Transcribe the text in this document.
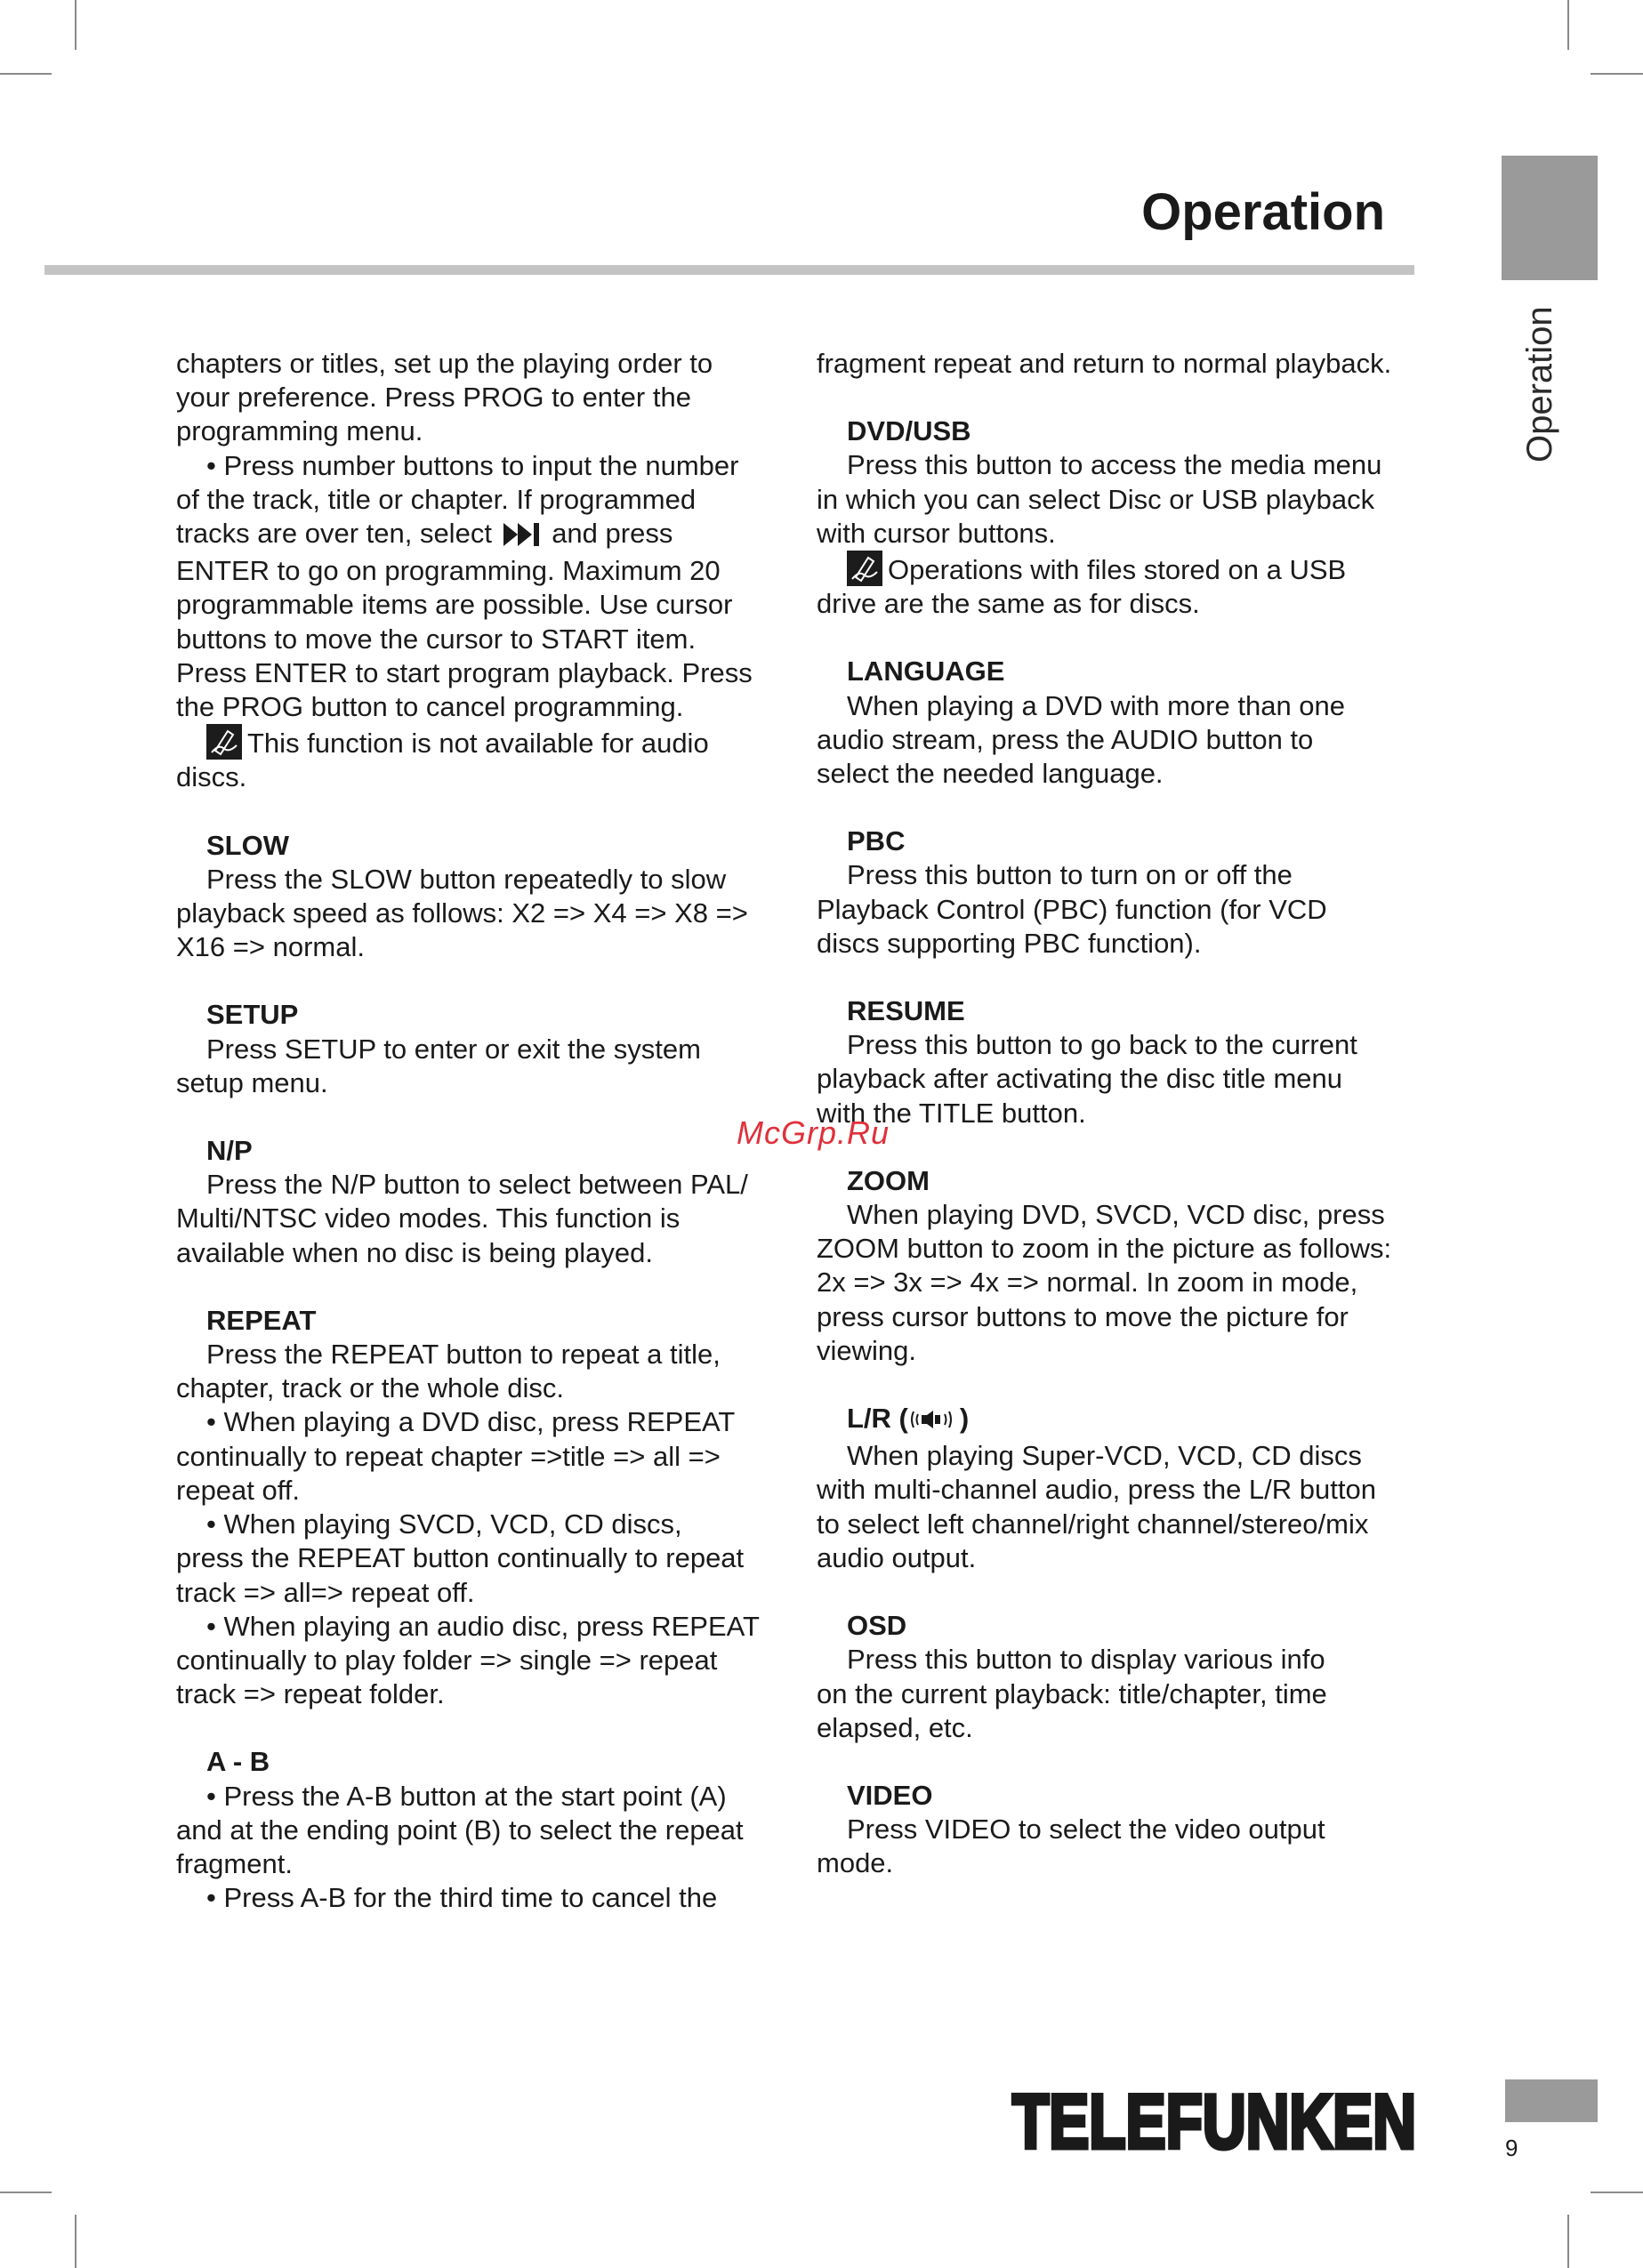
Operation
Operation

chapters or titles, set up the playing order to

your preference. Press PROG to enter the

programming menu.

• Press number buttons to input the number

of the track, title or chapter. If programmed

tracks are over ten, select and press

ENTER to go on programming. Maximum 20

programmable items are possible. Use cursor

buttons to move the cursor to START item.

Press ENTER to start program playback. Press

the PROG button to cancel programming.

This function is not available for audio

discs.

SLOW

Press the SLOW button repeatedly to slow

playback speed as follows: X2 => X4 => X8 =>

X16 => normal.

SETUP

Press SETUP to enter or exit the system

setup menu.

N/P

Press the N/P button to select between PAL/

Multi/NTSC video modes. This function is

available when no disc is being played.

REPEAT

Press the REPEAT button to repeat a title,

chapter, track or the whole disc.

• When playing a DVD disc, press REPEAT

continually to repeat chapter =>title => all =>

repeat off.

• When playing SVCD, VCD, CD discs,

press the REPEAT button continually to repeat

track => all=> repeat off.

• When playing an audio disc, press REPEAT

continually to play folder => single => repeat

track => repeat folder.

A - B

• Press the A-B button at the start point (A)

and at the ending point (B) to select the repeat

fragment.

• Press A-B for the third time to cancel the

fragment repeat and return to normal playback.

DVD/USB

Press this button to access the media menu

in which you can select Disc or USB playback

with cursor buttons.

Operations with files stored on a USB

drive are the same as for discs.

LANGUAGE

When playing a DVD with more than one

audio stream, press the AUDIO button to

select the needed language.

PBC

Press this button to turn on or off the

Playback Control (PBC) function (for VCD

discs supporting PBC function).

RESUME

Press this button to go back to the current

playback after activating the disc title menu

with the TITLE button.

ZOOM

When playing DVD, SVCD, VCD disc, press

ZOOM button to zoom in the picture as follows:

2x => 3x => 4x => normal. In zoom in mode,

press cursor buttons to move the picture for

viewing.

L/R ( )

When playing Super-VCD, VCD, CD discs

with multi-channel audio, press the L/R button

to select left channel/right channel/stereo/mix

audio output.

OSD

Press this button to display various info

on the current playback: title/chapter, time

elapsed, etc.

VIDEO

Press VIDEO to select the video output

mode.

McGrp.Ru
TELEFUNKEN	9
